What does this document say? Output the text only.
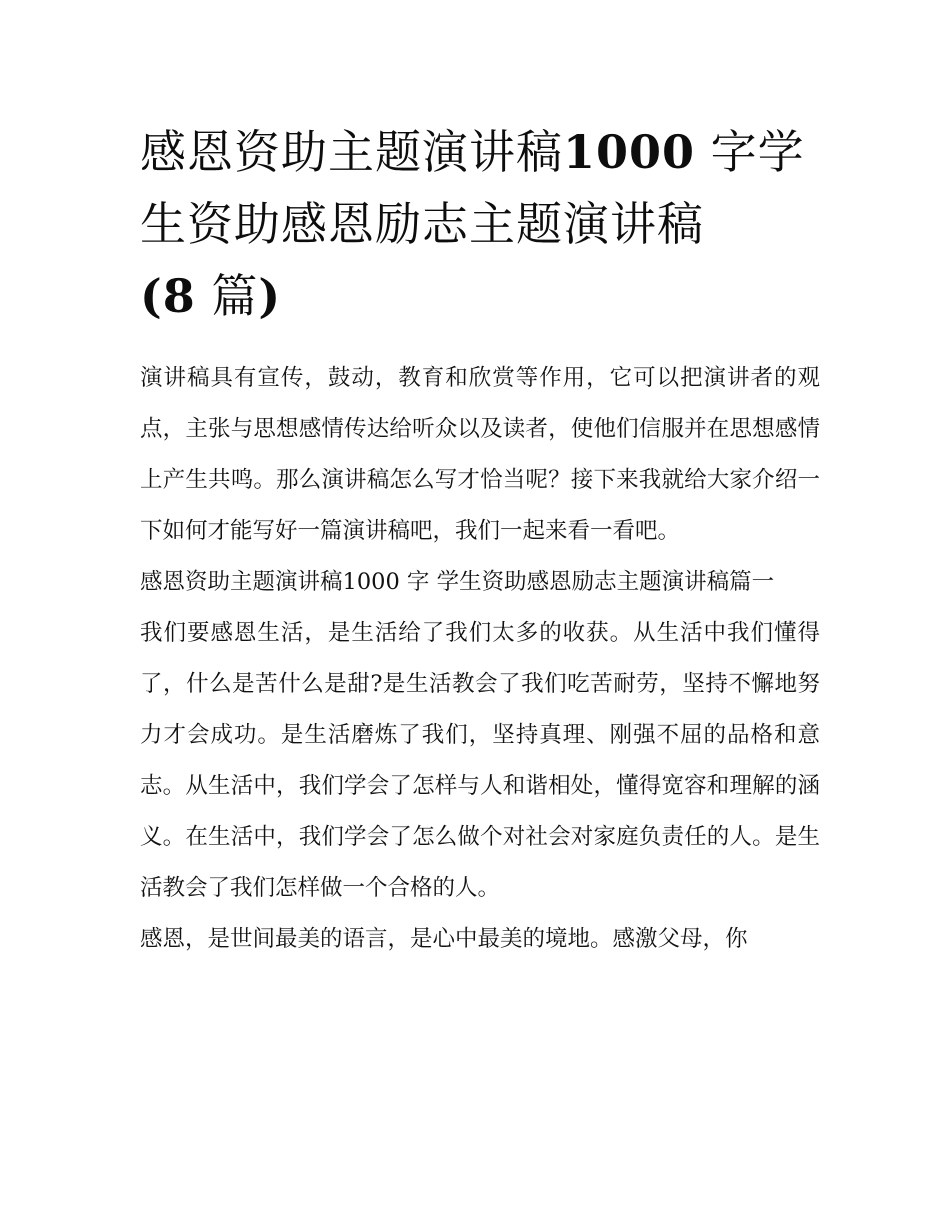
感恩资助主题演讲稿1000 字学生资助感恩励志主题演讲稿
(8 篇)

演讲稿具有宣传，鼓动，教育和欣赏等作用，它可以把演讲者的观点，主张与思想感情传达给听众以及读者，使他们信服并在思想感情上产生共鸣。那么演讲稿怎么写才恰当呢？接下来我就给大家介绍一下如何才能写好一篇演讲稿吧，我们一起来看一看吧。

感恩资助主题演讲稿1000 字 学生资助感恩励志主题演讲稿篇一

我们要感恩生活，是生活给了我们太多的收获。从生活中我们懂得了，什么是苦什么是甜?是生活教会了我们吃苦耐劳，坚持不懈地努力才会成功。是生活磨炼了我们，坚持真理、刚强不屈的品格和意志。从生活中，我们学会了怎样与人和谐相处，懂得宽容和理解的涵义。在生活中，我们学会了怎么做个对社会对家庭负责任的人。是生活教会了我们怎样做一个合格的人。

感恩，是世间最美的语言，是心中最美的境地。感激父母，你
